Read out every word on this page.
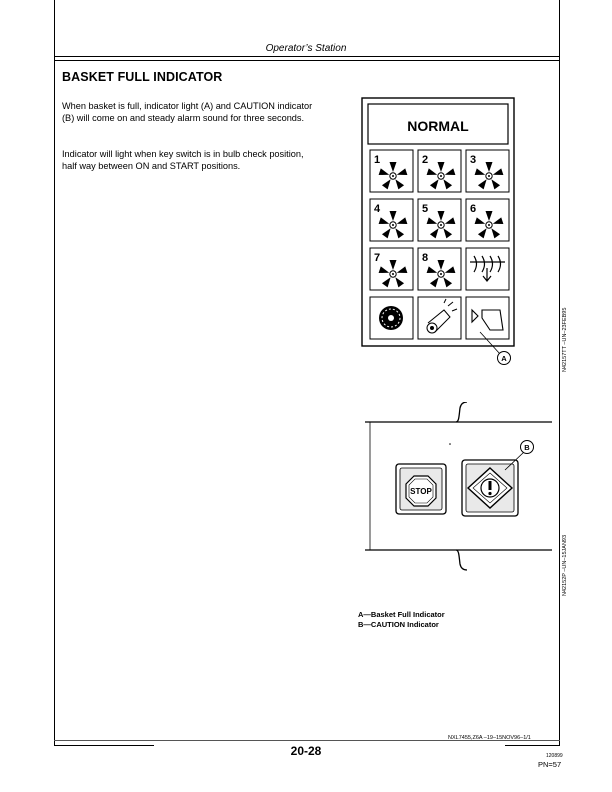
Operator’s Station
BASKET FULL INDICATOR
When basket is full, indicator light (A) and CAUTION indicator (B) will come on and steady alarm sound for three seconds.
Indicator will light when key switch is in bulb check position, half way between ON and START positions.
NORMAL
1	2	3
4	5	6
7	8
A	N42157TT –UN–23FEB95
STOP
B
N42152P –UN–15JAN93
A—Basket Full Indicator
B—CAUTION Indicator
NXL7455,Z6A –19–15NOV96–1/1
20-28	120899
PN=57
